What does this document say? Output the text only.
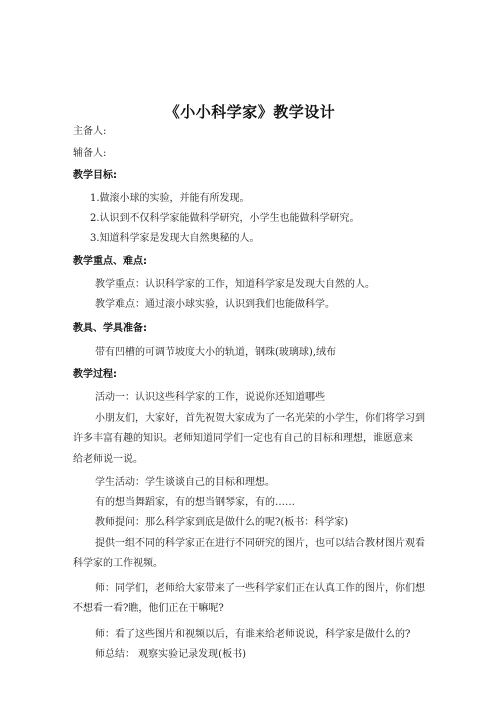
《小小科学家》教学设计
主备人:
辅备人:
教学目标:
1.做滚小球的实验，并能有所发现。
2.认识到不仅科学家能做科学研究，小学生也能做科学研究。
3.知道科学家是发现大自然奥秘的人。
教学重点、难点:
教学重点：认识科学家的工作，知道科学家是发现大自然的人。
教学难点：通过滚小球实验，认识到我们也能做科学。
教具、学具准备:
带有凹槽的可调节坡度大小的轨道，钢珠(玻璃球),绒布
教学过程:
活动一：认识这些科学家的工作，说说你还知道哪些
小朋友们，大家好，首先祝贺大家成为了一名光荣的小学生，你们将学习到
许多丰富有趣的知识。老师知道同学们一定也有自己的目标和理想，谁愿意来
给老师说一说。
学生活动：学生谈谈自己的目标和理想。
有的想当舞蹈家，有的想当钢琴家，有的……
教师提问：那么科学家到底是做什么的呢?(板书：科学家)
提供一组不同的科学家正在进行不同研究的图片，也可以结合教材图片观看
科学家的工作视频。
师：同学们，老师给大家带来了一些科学家们正在认真工作的图片，你们想
不想看一看?瞧，他们正在干嘛呢?
师：看了这些图片和视频以后，有谁来给老师说说，科学家是做什么的?
师总结： 观察实验记录发现(板书)
